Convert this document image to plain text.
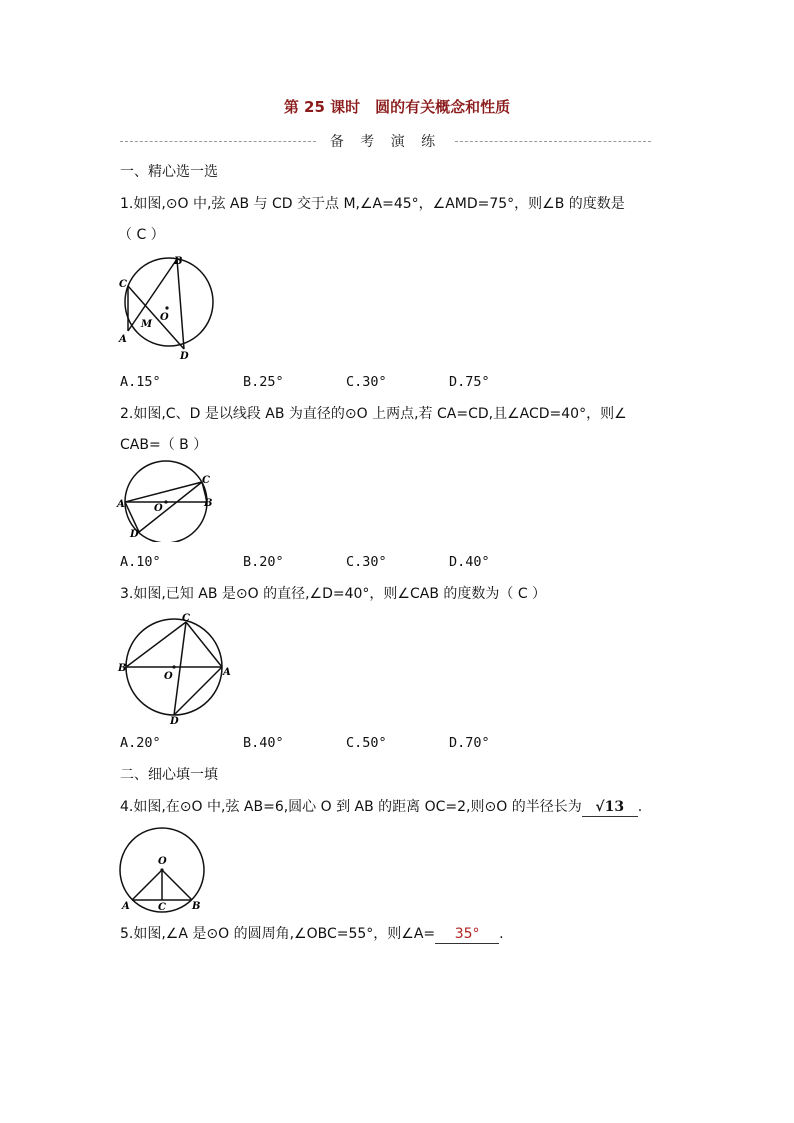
第 25 课时　圆的有关概念和性质
备 考 演 练
一、精心选一选
1.如图,⊙O 中,弦 AB 与 CD 交于点 M,∠A=45°，∠AMD=75°，则∠B 的度数是
（ C ）
C
B
O
M
A
D
A.15°	B.25°	C.30°	D.75°
2.如图,C、D 是以线段 AB 为直径的⊙O 上两点,若 CA=CD,且∠ACD=40°，则∠
CAB=（ B ）
A
C
B
O
D
A.10°	B.20°	C.30°	D.40°
3.如图,已知 AB 是⊙O 的直径,∠D=40°，则∠CAB 的度数为（ C ）
C
B	A
O
D
A.20°	B.40°	C.50°	D.70°
二、细心填一填
4.如图,在⊙O 中,弦 AB=6,圆心 O 到 AB 的距离 OC=2,则⊙O 的半径长为 √13 .
O
A	C	B
5.如图,∠A 是⊙O 的圆周角,∠OBC=55°，则∠A= 35° .
